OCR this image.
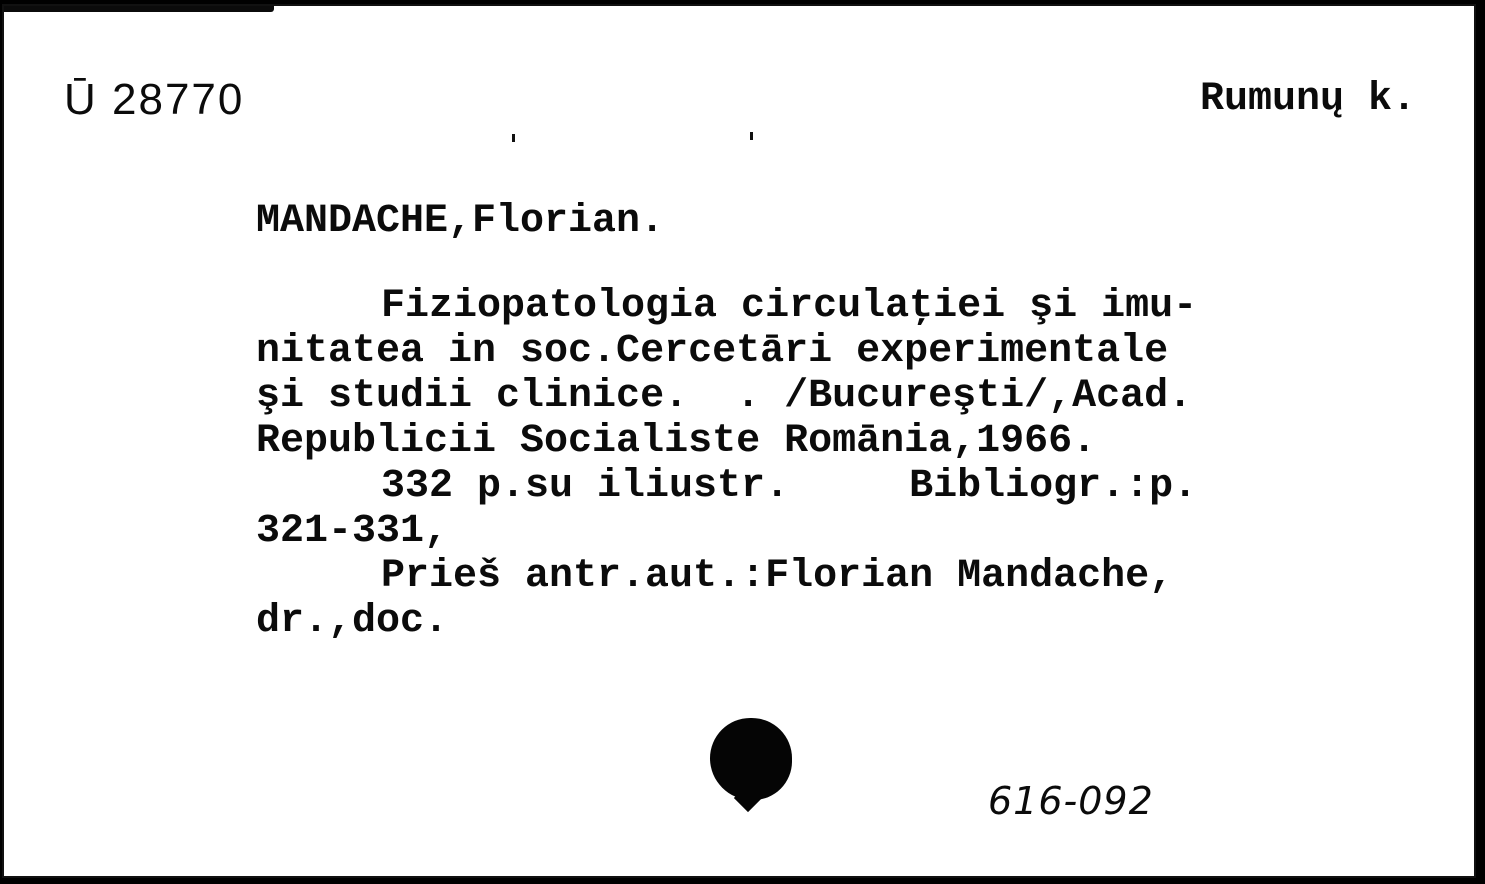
Ū 28770	Rumunų k.
MANDACHE,Florian.
Fiziopatologia circulaţiei şi imu-
nitatea in soc.Cercetāri experimentale
şi studii clinice.  . /Bucureşti/,Acad.
Republicii Socialiste Romānia,1966.
332 p.su iliustr.     Bibliogr.:p.
321-331,
Prieš antr.aut.:Florian Mandache,
dr.,doc.
616-092
